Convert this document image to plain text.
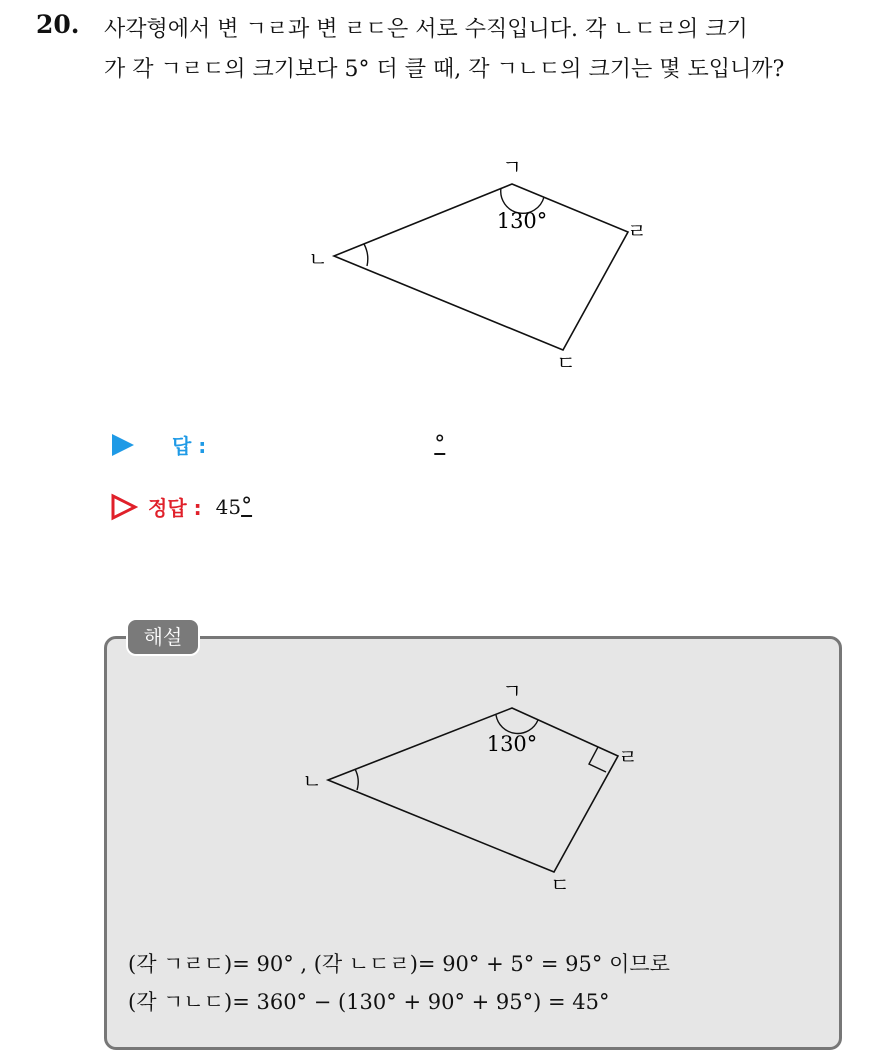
20. 사각형에서 변 ㄱㄹ과 변 ㄹㄷ은 서로 수직입니다. 각 ㄴㄷㄹ의 크기
가 각 ㄱㄹㄷ의 크기보다 5° 더 클 때, 각 ㄱㄴㄷ의 크기는 몇 도입니까?
ㄱ
ㄴ
ㄷ
ㄹ
130°
답 :	°
정답 : 45 °
해설
ㄱ
ㄴ
ㄷ
ㄹ
130°
(각 ㄱㄹㄷ)= 90° , (각 ㄴㄷㄹ)= 90° + 5° = 95° 이므로
(각 ㄱㄴㄷ)= 360° − (130° + 90° + 95°) = 45°
